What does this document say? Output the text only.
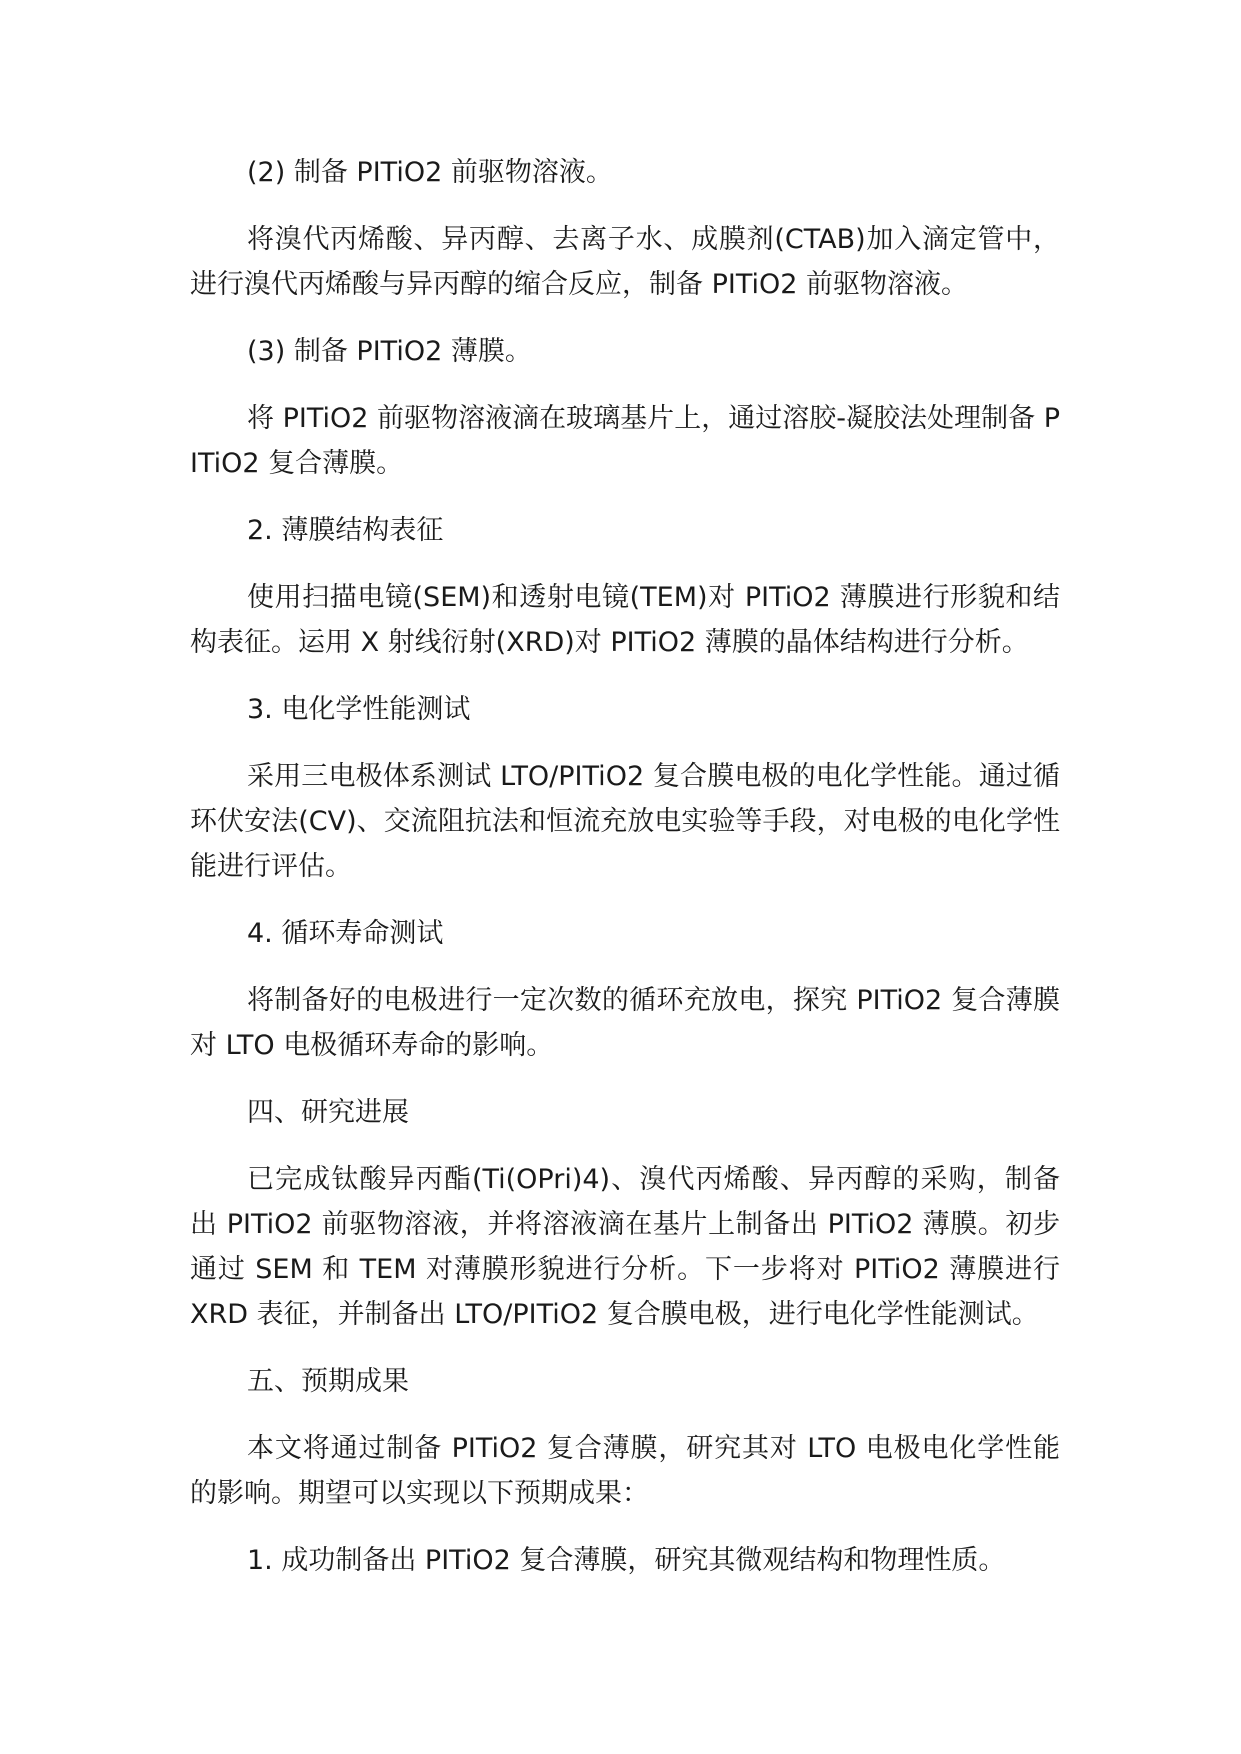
(2) 制备 PITiO2 前驱物溶液。

将溴代丙烯酸、异丙醇、去离子水、成膜剂(CTAB)加入滴定管中，进行溴代丙烯酸与异丙醇的缩合反应，制备 PITiO2 前驱物溶液。

(3) 制备 PITiO2 薄膜。

将 PITiO2 前驱物溶液滴在玻璃基片上，通过溶胶-凝胶法处理制备 PITiO2 复合薄膜。

2. 薄膜结构表征

使用扫描电镜(SEM)和透射电镜(TEM)对 PITiO2 薄膜进行形貌和结构表征。运用 X 射线衍射(XRD)对 PITiO2 薄膜的晶体结构进行分析。

3. 电化学性能测试

采用三电极体系测试 LTO/PITiO2 复合膜电极的电化学性能。通过循环伏安法(CV)、交流阻抗法和恒流充放电实验等手段，对电极的电化学性能进行评估。

4. 循环寿命测试

将制备好的电极进行一定次数的循环充放电，探究 PITiO2 复合薄膜对 LTO 电极循环寿命的影响。

四、研究进展

已完成钛酸异丙酯(Ti(OPri)4)、溴代丙烯酸、异丙醇的采购，制备出 PITiO2 前驱物溶液，并将溶液滴在基片上制备出 PITiO2 薄膜。初步通过 SEM 和 TEM 对薄膜形貌进行分析。下一步将对 PITiO2 薄膜进行 XRD 表征，并制备出 LTO/PITiO2 复合膜电极，进行电化学性能测试。

五、预期成果

本文将通过制备 PITiO2 复合薄膜，研究其对 LTO 电极电化学性能的影响。期望可以实现以下预期成果：

1. 成功制备出 PITiO2 复合薄膜，研究其微观结构和物理性质。
